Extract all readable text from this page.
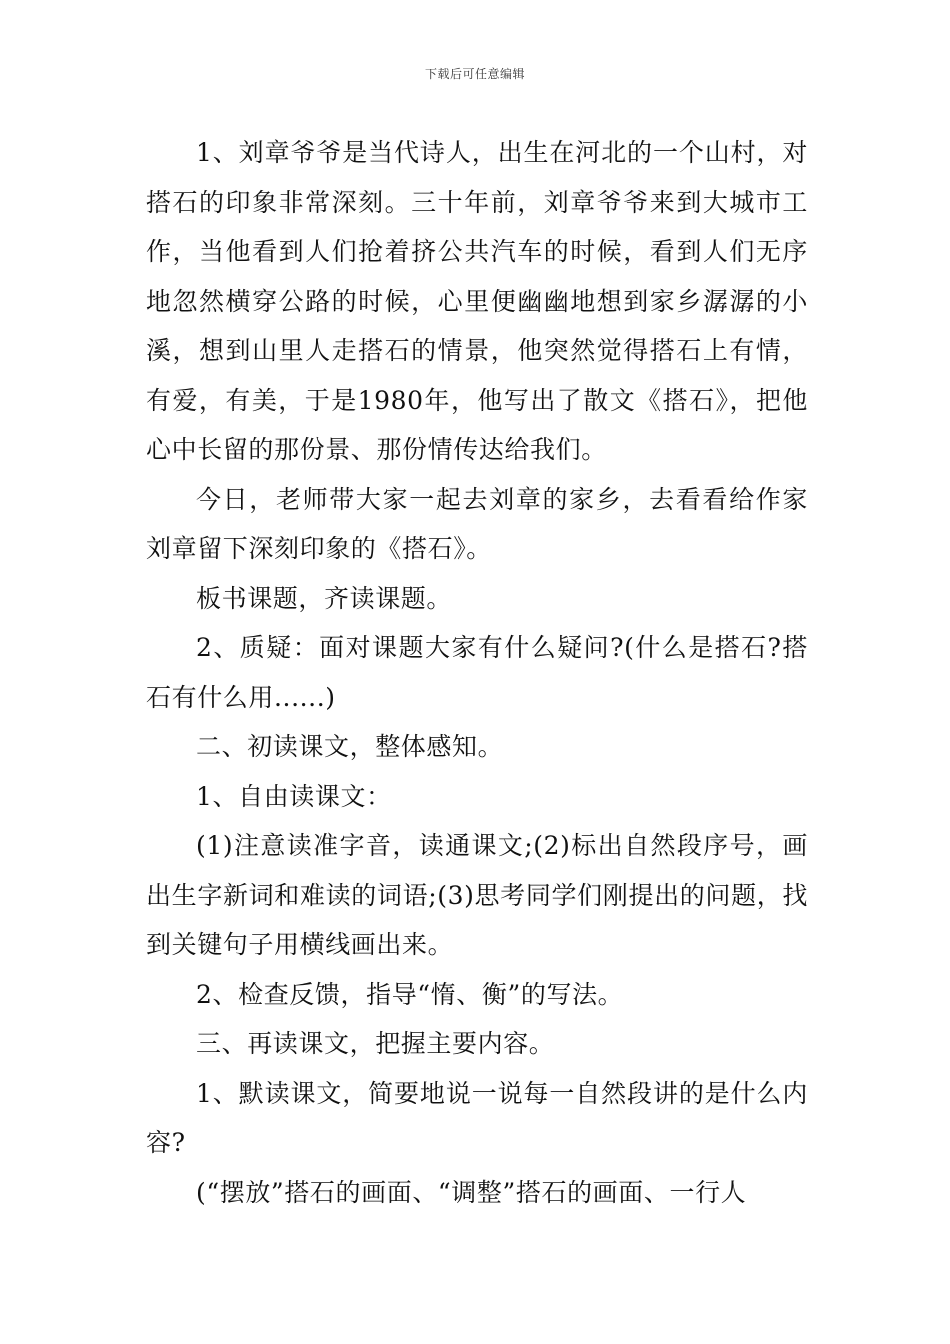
下载后可任意编辑

1、刘章爷爷是当代诗人，出生在河北的一个山村，对搭石的印象非常深刻。三十年前，刘章爷爷来到大城市工作，当他看到人们抢着挤公共汽车的时候，看到人们无序地忽然横穿公路的时候，心里便幽幽地想到家乡潺潺的小溪，想到山里人走搭石的情景，他突然觉得搭石上有情，有爱，有美，于是1980年，他写出了散文《搭石》，把他心中长留的那份景、那份情传达给我们。

今日，老师带大家一起去刘章的家乡，去看看给作家刘章留下深刻印象的《搭石》。

板书课题，齐读课题。

2、质疑：面对课题大家有什么疑问?(什么是搭石?搭石有什么用......)

二、初读课文，整体感知。

1、自由读课文：

(1)注意读准字音，读通课文;(2)标出自然段序号，画出生字新词和难读的词语;(3)思考同学们刚提出的问题，找到关键句子用横线画出来。

2、检查反馈，指导“惰、衡”的写法。

三、再读课文，把握主要内容。

1、默读课文，简要地说一说每一自然段讲的是什么内容?

(“摆放”搭石的画面、“调整”搭石的画面、一行人
